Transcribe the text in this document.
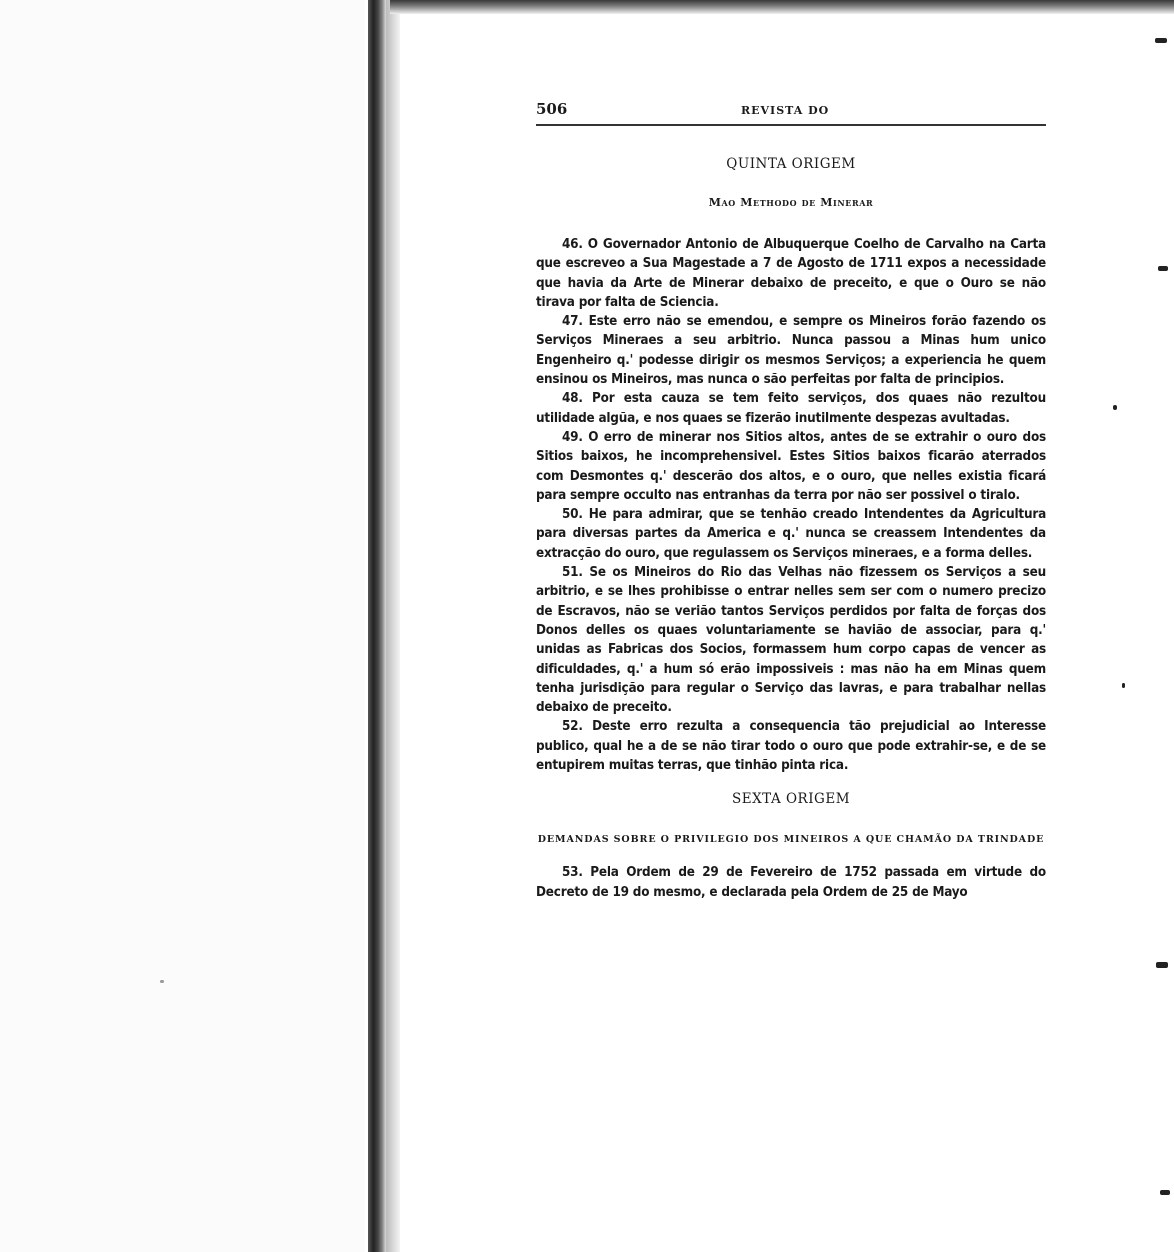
506	REVISTA DO
QUINTA ORIGEM
Mao Methodo de Minerar

46. O Governador Antonio de Albuquerque Coelho de Carvalho na Carta que escreveo a Sua Magestade a 7 de Agosto de 1711 expos a necessidade que havia da Arte de Minerar debaixo de preceito, e que o Ouro se não tirava por falta de Sciencia.

47. Este erro não se emendou, e sempre os Mineiros forão fazendo os Serviços Mineraes a seu arbitrio. Nunca passou a Minas hum unico Engenheiro q.' podesse dirigir os mesmos Serviços; a experiencia he quem ensinou os Mineiros, mas nunca o são perfeitas por falta de principios.

48. Por esta cauza se tem feito serviços, dos quaes não rezultou utilidade algũa, e nos quaes se fizerão inutilmente despezas avultadas.

49. O erro de minerar nos Sitios altos, antes de se extrahir o ouro dos Sitios baixos, he incomprehensivel. Estes Sitios baixos ficarão aterrados com Desmontes q.' descerão dos altos, e o ouro, que nelles existia ficará para sempre occulto nas entranhas da terra por não ser possivel o tiralo.

50. He para admirar, que se tenhão creado Intendentes da Agricultura para diversas partes da America e q.' nunca se creassem Intendentes da extracção do ouro, que regulassem os Serviços mineraes, e a forma delles.

51. Se os Mineiros do Rio das Velhas não fizessem os Serviços a seu arbitrio, e se lhes prohibisse o entrar nelles sem ser com o numero precizo de Escravos, não se verião tantos Serviços perdidos por falta de forças dos Donos delles os quaes voluntariamente se havião de associar, para q.' unidas as Fabricas dos Socios, formassem hum corpo capas de vencer as dificuldades, q.' a hum só erão impossiveis : mas não ha em Minas quem tenha jurisdição para regular o Serviço das lavras, e para trabalhar nellas debaixo de preceito.

52. Deste erro rezulta a consequencia tão prejudicial ao Interesse publico, qual he a de se não tirar todo o ouro que pode extrahir-se, e de se entupirem muitas terras, que tinhão pinta rica.

SEXTA ORIGEM
DEMANDAS SOBRE O PRIVILEGIO DOS MINEIROS A QUE CHAMÃO DA TRINDADE

53. Pela Ordem de 29 de Fevereiro de 1752 passada em virtude do Decreto de 19 do mesmo, e declarada pela Ordem de 25 de Mayo
